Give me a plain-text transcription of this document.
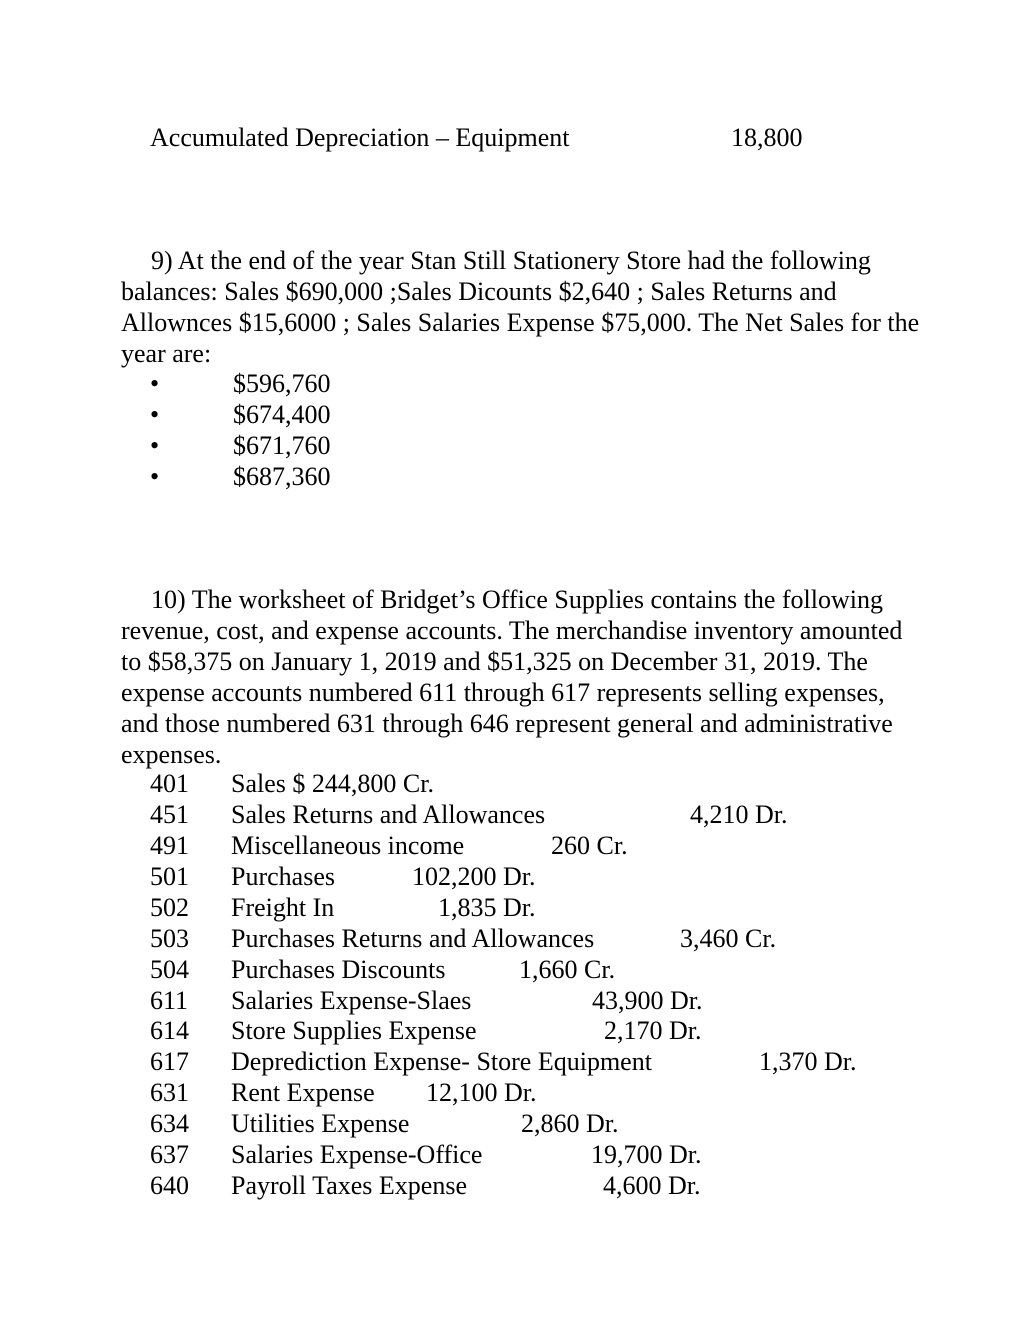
Accumulated Depreciation – Equipment	18,800

9) At the end of the year Stan Still Stationery Store had the following balances: Sales $690,000 ;Sales Dicounts $2,640 ; Sales Returns and Allownces $15,6000 ; Sales Salaries Expense $75,000. The Net Sales for the year are:

•	$596,760
•	$674,400
•	$671,760
•	$687,360

10) The worksheet of Bridget’s Office Supplies contains the following revenue, cost, and expense accounts. The merchandise inventory amounted to $58,375 on January 1, 2019 and $51,325 on December 31, 2019. The expense accounts numbered 611 through 617 represents selling expenses, and those numbered 631 through 646 represent general and administrative expenses.

401 Sales $ 244,800 Cr.
451 Sales Returns and Allowances	4,210 Dr.
491 Miscellaneous income	260 Cr.
501 Purchases	102,200 Dr.
502 Freight In	1,835 Dr.
503 Purchases Returns and Allowances	3,460 Cr.
504 Purchases Discounts	1,660 Cr.
611 Salaries Expense-Slaes	43,900 Dr.
614 Store Supplies Expense	2,170 Dr.
617 Deprediction Expense- Store Equipment	1,370 Dr.
631 Rent Expense 12,100 Dr.
634 Utilities Expense	2,860 Dr.
637 Salaries Expense-Office	19,700 Dr.
640 Payroll Taxes Expense	4,600 Dr.
